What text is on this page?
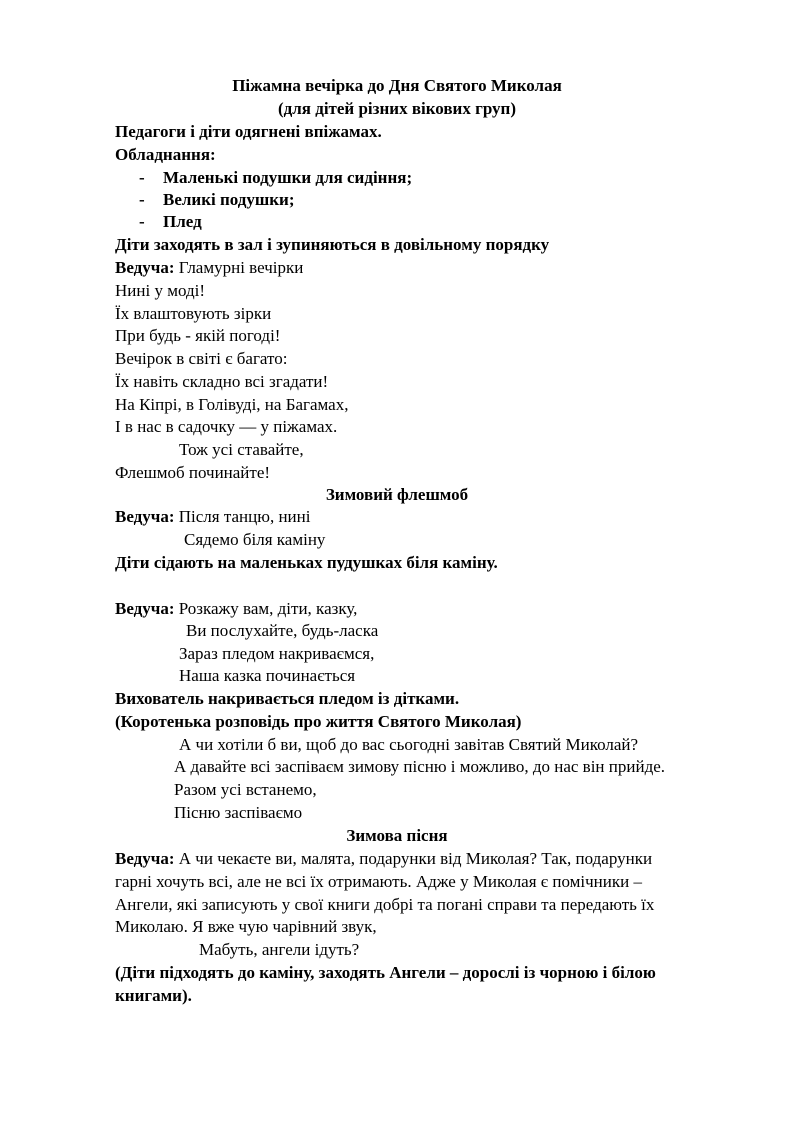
Піжамна вечірка до Дня Святого Миколая
(для дітей різних вікових груп)
Педагоги і діти одягнені впіжамах.
Обладнання:
- Маленькі подушки для сидіння;
- Великі подушки;
- Плед
Діти заходять в зал і зупиняються в довільному порядку
Ведуча: Гламурні вечірки
Нині у моді!
Їх влаштовують зірки
При будь - якій погоді!
Вечірок в світі є багато:
Їх навіть складно всі згадати!
На Кіпрі, в Голівуді, на Багамах,
І в нас в садочку — у піжамах.
Тож усі ставайте,
Флешмоб починайте!
Зимовий флешмоб
Ведуча: Після танцю, нині
Сядемо біля каміну
Діти сідають на маленьках пудушках біля каміну.
Ведуча: Розкажу вам, діти, казку,
Ви послухайте, будь-ласка
Зараз пледом накриваємся,
Наша казка починається
Вихователь накривається пледом із дітками.
(Коротенька розповідь про життя Святого Миколая)
А чи хотіли б ви, щоб до вас сьогодні завітав Святий Миколай?
А давайте всі заспіваєм зимову пісню і можливо, до нас він прийде.
Разом усі встанемо,
Пісню заспіваємо
Зимова пісня
Ведуча: А чи чекаєте ви, малята, подарунки від Миколая? Так, подарунки
гарні хочуть всі, але не всі їх отримають. Адже у Миколая є помічники –
Ангели, які записують у свої книги добрі та погані справи та передають їх
Миколаю. Я вже чую чарівний звук,
Мабуть, ангели ідуть?
(Діти підходять до каміну, заходять Ангели – дорослі із чорною і білою
книгами).
